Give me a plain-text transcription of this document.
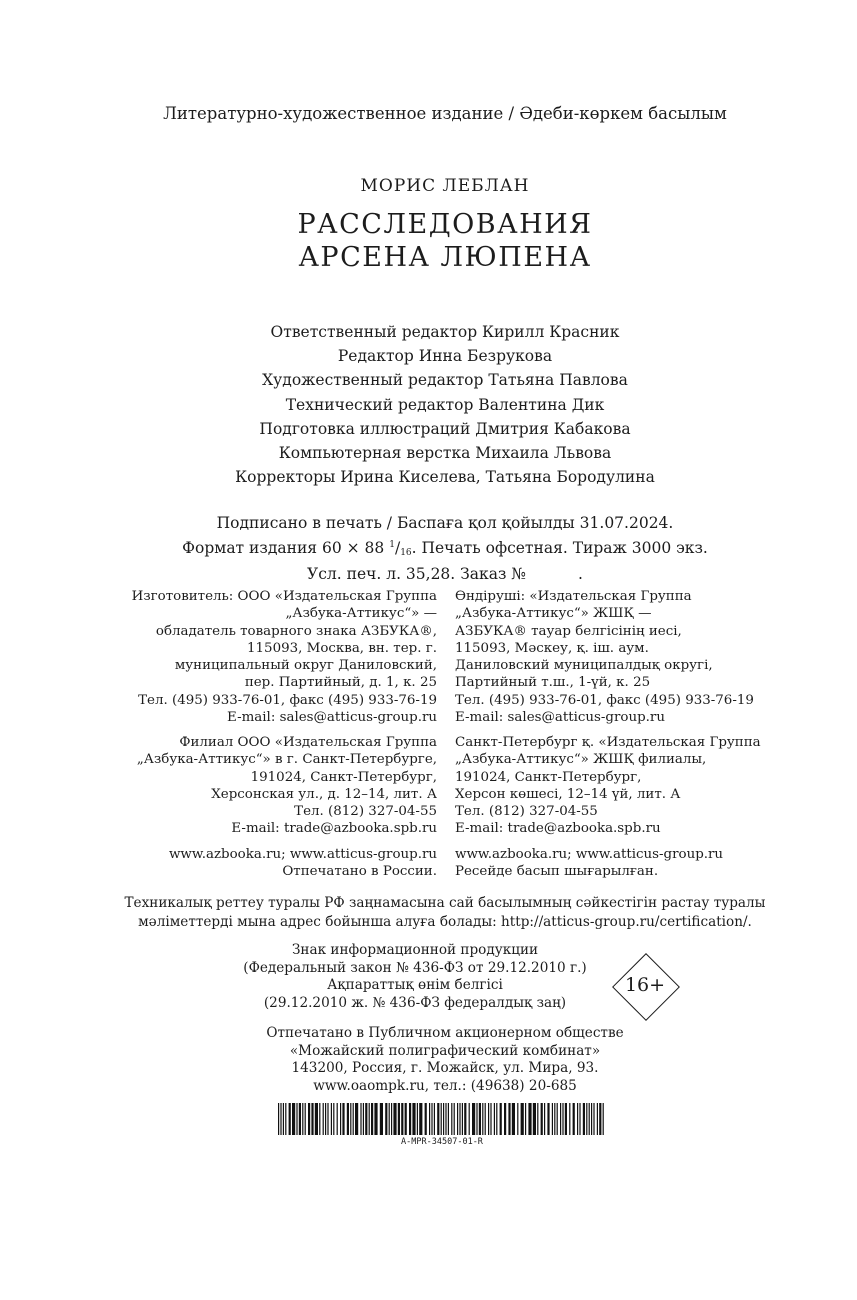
Литературно-художественное издание / Әдеби-көркем басылым
МОРИС ЛЕБЛАН
РАССЛЕДОВАНИЯ
АРСЕНА ЛЮПЕНА
Ответственный редактор Кирилл Красник
Редактор Инна Безрукова
Художественный редактор Татьяна Павлова
Технический редактор Валентина Дик
Подготовка иллюстраций Дмитрия Кабакова
Компьютерная верстка Михаила Львова
Корректоры Ирина Киселева, Татьяна Бородулина
Подписано в печать / Баспаға қол қойылды 31.07.2024.
Формат издания 60 × 88 $^1/_{16}$. Печать офсетная. Тираж 3000 экз.
Усл. печ. л. 35,28. Заказ №	.
Изготовитель: ООО «Издательская Группа
„Азбука-Аттикус“» —
обладатель товарного знака АЗБУКА®,
115093, Москва, вн. тер. г.
муниципальный округ Даниловский,
пер. Партийный, д. 1, к. 25
Тел. (495) 933-76-01, факс (495) 933-76-19
E-mail: sales@atticus-group.ru
Өндіруші: «Издательская Группа
„Азбука-Аттикус“» ЖШҚ —
АЗБУКА® тауар белгісінің иесі,
115093, Мәскеу, қ. іш. аум.
Даниловский муниципалдық округі,
Партийный т.ш., 1-үй, к. 25
Тел. (495) 933-76-01, факс (495) 933-76-19
E-mail: sales@atticus-group.ru
Филиал ООО «Издательская Группа
„Азбука-Аттикус“» в г. Санкт-Петербурге,
191024, Санкт-Петербург,
Херсонская ул., д. 12–14, лит. А
Тел. (812) 327-04-55
E-mail: trade@azbooka.spb.ru
Санкт-Петербург қ. «Издательская Группа
„Азбука-Аттикус“» ЖШҚ филиалы,
191024, Санкт-Петербург,
Херсон көшесі, 12–14 үй, лит. А
Тел. (812) 327-04-55
E-mail: trade@azbooka.spb.ru
www.azbooka.ru; www.atticus-group.ru
Отпечатано в России.
www.azbooka.ru; www.atticus-group.ru
Ресейде басып шығарылған.
Техникалық реттеу туралы РФ заңнамасына сай басылымның сәйкестігін растау туралы
мәліметтерді мына адрес бойынша алуға болады: http://atticus-group.ru/certification/.
Знак информационной продукции
(Федеральный закон № 436-ФЗ от 29.12.2010 г.)
Ақпараттық өнім белгісі
(29.12.2010 ж. № 436-ФЗ федералдық заң)
16+
Отпечатано в Публичном акционерном обществе
«Можайский полиграфический комбинат»
143200, Россия, г. Можайск, ул. Мира, 93.
www.oaompk.ru, тел.: (49638) 20-685
A-MPR-34507-01-R
